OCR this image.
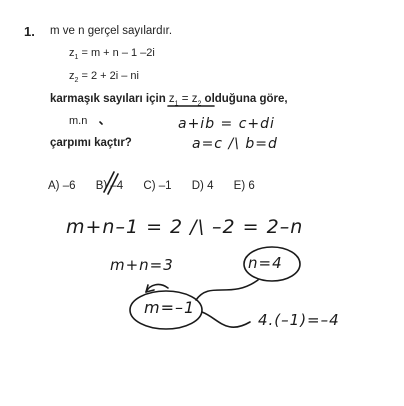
1. m ve n gerçel sayılardır.
$z_1 = m + n - 1$ –2i
$z_2 = 2 + 2i$ – ni
karmaşık sayıları için $z_1 = z_2$ olduğuna göre,
m.n
çarpımı kaçtır?
A) –6 B) –4 C) –1 D) 4 E) 6
a+ib = c+di
a=c /\ b=d
m+n–1 = 2 /\ –2 = 2–n
m+n=3	n=4
m=–1
4.(–1)=–4
